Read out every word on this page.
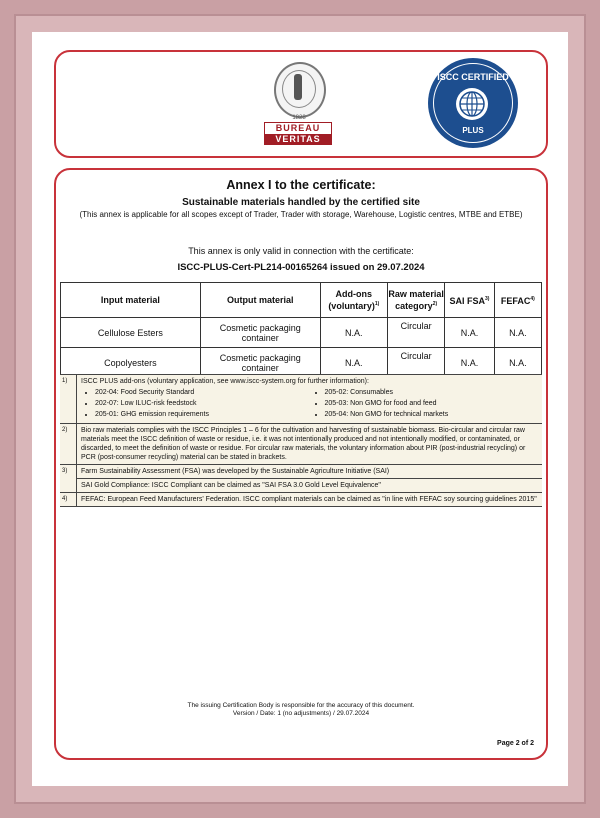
1828
BUREAU
VERITAS
ISCC CERTIFIED
PLUS
Annex I to the certificate:
Sustainable materials handled by the certified site
(This annex is applicable for all scopes except of Trader, Trader with storage, Warehouse, Logistic centres, MTBE and ETBE)
This annex is only valid in connection with the certificate:
ISCC-PLUS-Cert-PL214-00165264 issued on 29.07.2024
Input material	Output material	Add-ons (voluntary)$^{1)}$	Raw material category$^{2)}$	SAI FSA$^{3)}$	FEFAC$^{4)}$
Cellulose Esters	Cosmetic packaging container	N.A.	Circular	N.A.	N.A.
Copolyesters	Cosmetic packaging container	N.A.	Circular	N.A.	N.A.
1)	ISCC PLUS add-ons (voluntary application, see www.iscc-system.org for further information):
• 202-04: Food Security Standard
• 202-07: Low ILUC-risk feedstock
• 205-01: GHG emission requirements
• 205-02: Consumables
• 205-03: Non GMO for food and feed
• 205-04: Non GMO for technical markets
2)	Bio raw materials complies with the ISCC Principles 1 – 6 for the cultivation and harvesting of sustainable biomass. Bio-circular and circular raw materials meet the ISCC definition of waste or residue, i.e. it was not intentionally produced and not intentionally modified, or contaminated, or discarded, to meet the definition of waste or residue. For circular raw materials, the voluntary information about PIR (post-industrial recycling) or PCR (post-consumer recycling) material can be stated in brackets.
3)	Farm Sustainability Assessment (FSA) was developed by the Sustainable Agriculture Initiative (SAI)
SAI Gold Compliance: ISCC Compliant can be claimed as "SAI FSA 3.0 Gold Level Equivalence"
4)	FEFAC: European Feed Manufacturers' Federation. ISCC compliant materials can be claimed as "in line with FEFAC soy sourcing guidelines 2015"
The issuing Certification Body is responsible for the accuracy of this document.
Version / Date: 1 (no adjustments) / 29.07.2024
Page 2 of 2
